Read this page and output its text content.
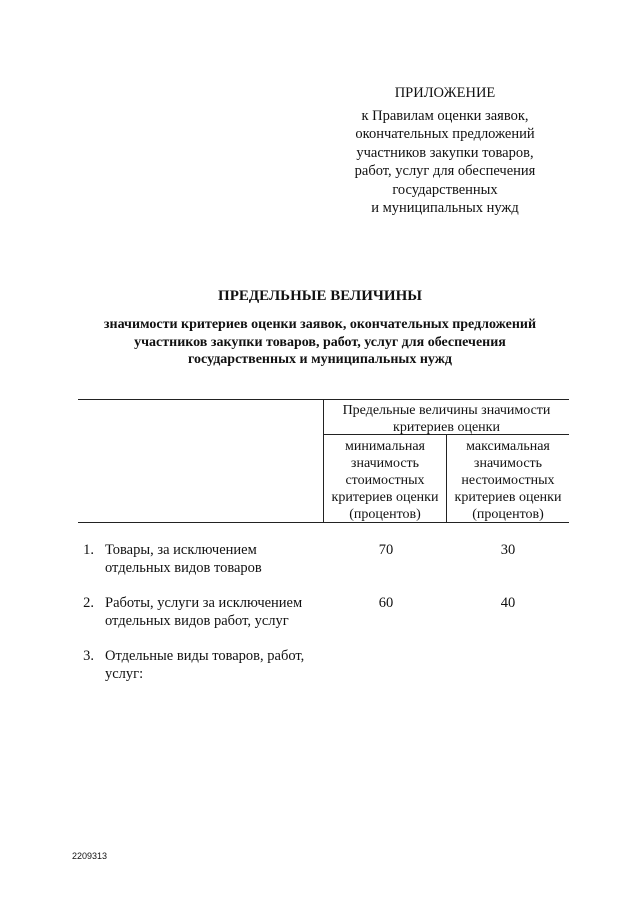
ПРИЛОЖЕНИЕ
к Правилам оценки заявок,
окончательных предложений
участников закупки товаров,
работ, услуг для обеспечения
государственных
и муниципальных нужд
ПРЕДЕЛЬНЫЕ ВЕЛИЧИНЫ
значимости критериев оценки заявок, окончательных предложений
участников закупки товаров, работ, услуг для обеспечения
государственных и муниципальных нужд
Предельные величины значимости
критериев оценки
минимальная
значимость
стоимостных
критериев оценки
(процентов)
максимальная
значимость
нестоимостных
критериев оценки
(процентов)
1. Товары, за исключением
отдельных видов товаров
70	30
2. Работы, услуги за исключением
отдельных видов работ, услуг
60	40
3. Отдельные виды товаров, работ,
услуг:
2209313
